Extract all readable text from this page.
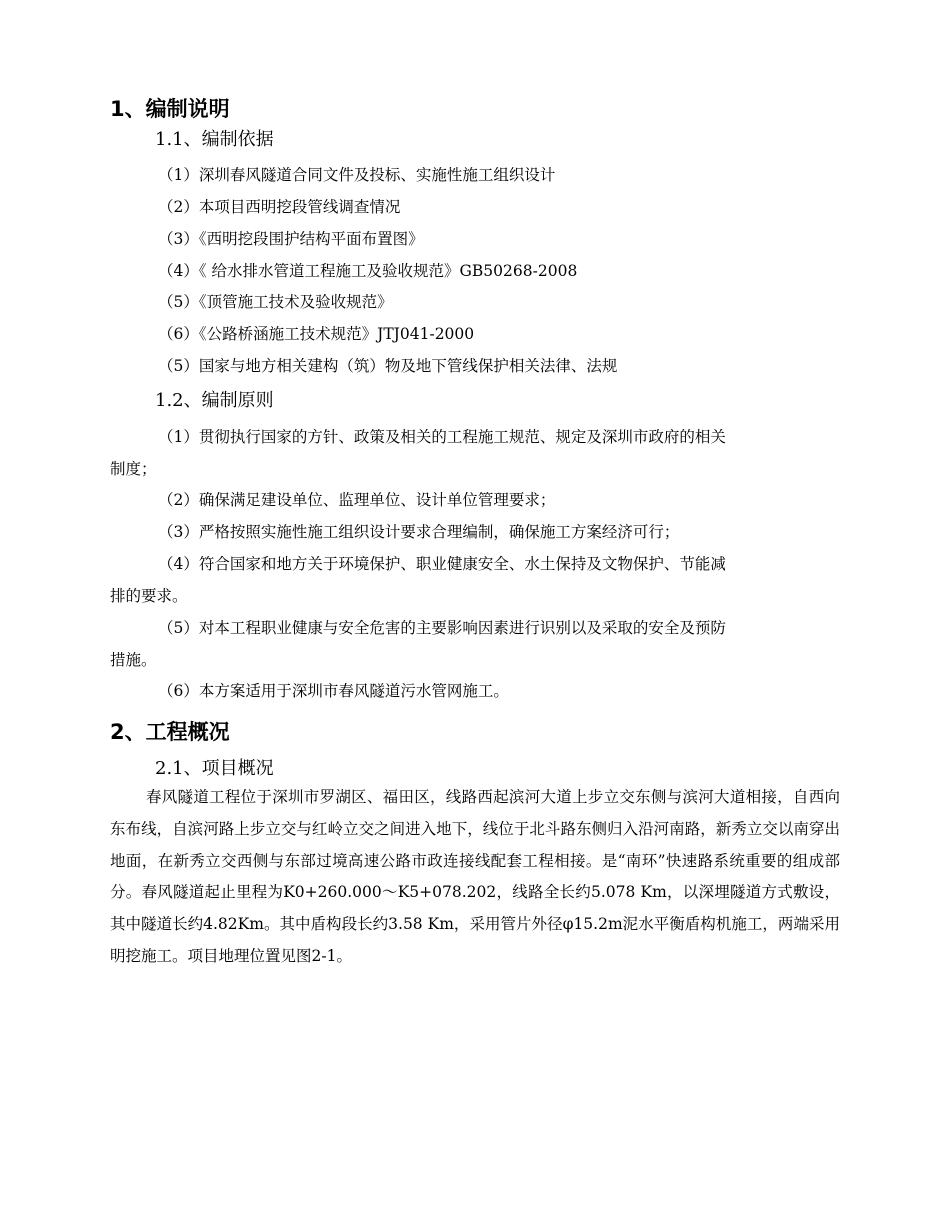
1、编制说明
1.1、编制依据
（1）深圳春风隧道合同文件及投标、实施性施工组织设计
（2）本项目西明挖段管线调查情况
（3）《西明挖段围护结构平面布置图》
（4）《 给水排水管道工程施工及验收规范》GB50268-2008
（5）《顶管施工技术及验收规范》
（6）《公路桥涵施工技术规范》JTJ041-2000
（5）国家与地方相关建构（筑）物及地下管线保护相关法律、法规
1.2、编制原则
（1）贯彻执行国家的方针、政策及相关的工程施工规范、规定及深圳市政府的相关
制度；
（2）确保满足建设单位、监理单位、设计单位管理要求；
（3）严格按照实施性施工组织设计要求合理编制，确保施工方案经济可行；
（4）符合国家和地方关于环境保护、职业健康安全、水土保持及文物保护、节能减
排的要求。
（5）对本工程职业健康与安全危害的主要影响因素进行识别以及采取的安全及预防
措施。
（6）本方案适用于深圳市春风隧道污水管网施工。
2、工程概况
2.1、项目概况
春风隧道工程位于深圳市罗湖区、福田区，线路西起滨河大道上步立交东侧与滨河大道相接，自西向东布线，自滨河路上步立交与红岭立交之间进入地下，线位于北斗路东侧归入沿河南路，新秀立交以南穿出地面，在新秀立交西侧与东部过境高速公路市政连接线配套工程相接。是“南环”快速路系统重要的组成部分。春风隧道起止里程为K0+260.000～K5+078.202，线路全长约5.078 Km，以深埋隧道方式敷设，其中隧道长约4.82Km。其中盾构段长约3.58 Km，采用管片外径φ15.2m泥水平衡盾构机施工，两端采用明挖施工。项目地理位置见图2-1。
